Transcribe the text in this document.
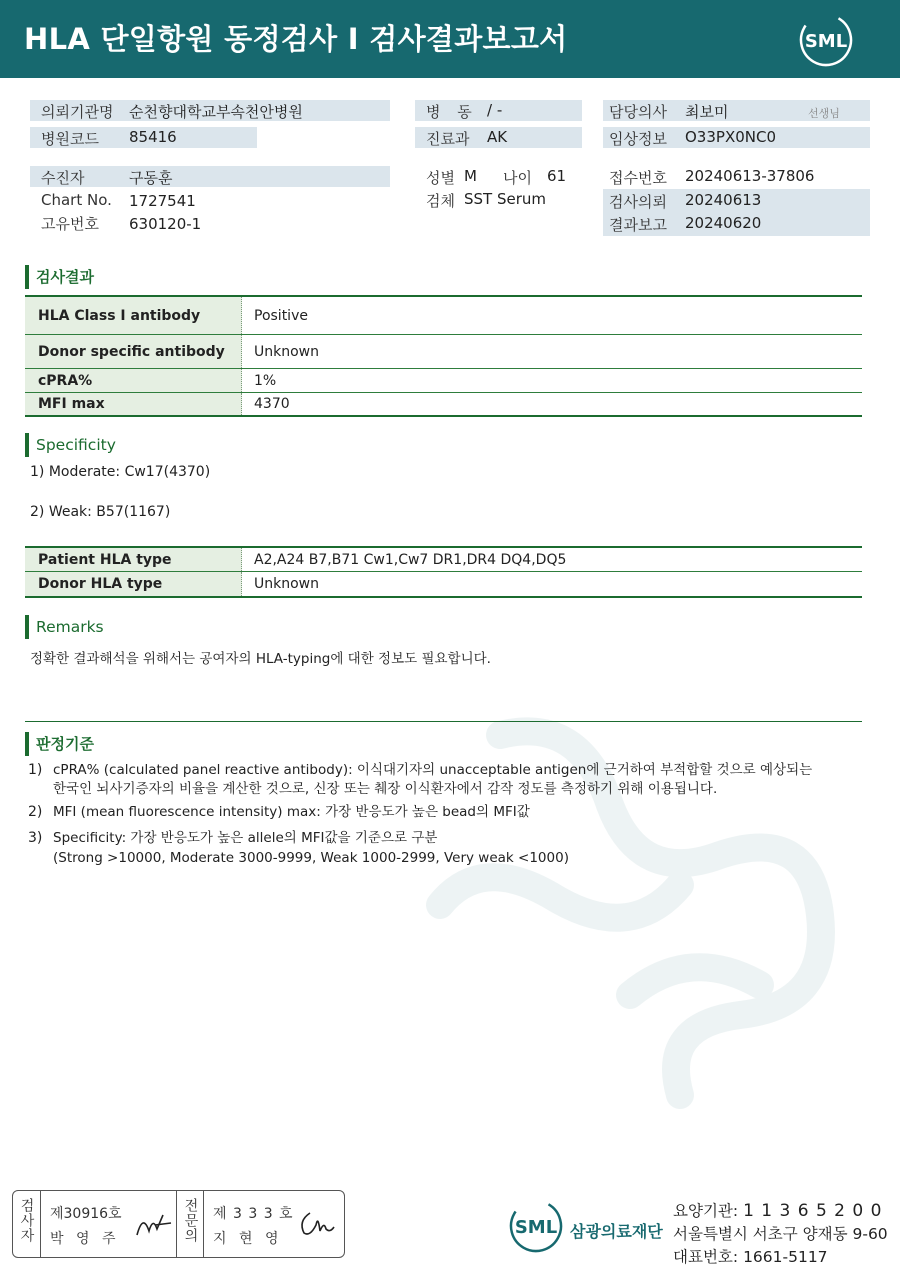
HLA 단일항원 동정검사 I 검사결과보고서	SML
의뢰기관명 순천향대학교부속천안병원
병원코드 85416
병 동 / -
진료과 AK
담당의사 최보미	선생님
임상정보 O33PX0NC0
수진자	구동훈
Chart No. 1727541
고유번호 630120-1
성별 M 나이 61
검체 SST Serum
접수번호 20240613-37806
검사의뢰 20240613
결과보고 20240620
검사결과
HLA Class I antibody	Positive
Donor specific antibody	Unknown
cPRA%	1%
MFI max	4370
Specificity
1) Moderate: Cw17(4370)
2) Weak: B57(1167)
Patient HLA type	A2,A24 B7,B71 Cw1,Cw7 DR1,DR4 DQ4,DQ5
Donor HLA type	Unknown
Remarks
정확한 결과해석을 위해서는 공여자의 HLA-typing에 대한 정보도 필요합니다.
판정기준
1) cPRA% (calculated panel reactive antibody): 이식대기자의 unacceptable antigen에 근거하여 부적합할 것으로 예상되는
한국인 뇌사기증자의 비율을 계산한 것으로, 신장 또는 췌장 이식환자에서 감작 정도를 측정하기 위해 이용됩니다.
2) MFI (mean fluorescence intensity) max: 가장 반응도가 높은 bead의 MFI값
3) Specificity: 가장 반응도가 높은 allele의 MFI값을 기준으로 구분
(Strong >10000, Moderate 3000-9999, Weak 1000-2999, Very weak <1000)
검사자 제30916호
박 영 주	전문의 제 3 3 3 호
지 현 영
SML 삼광의료재단
요양기관: 1 1 3 6 5 2 0 0
서울특별시 서초구 양재동 9-60
대표번호: 1661-5117
